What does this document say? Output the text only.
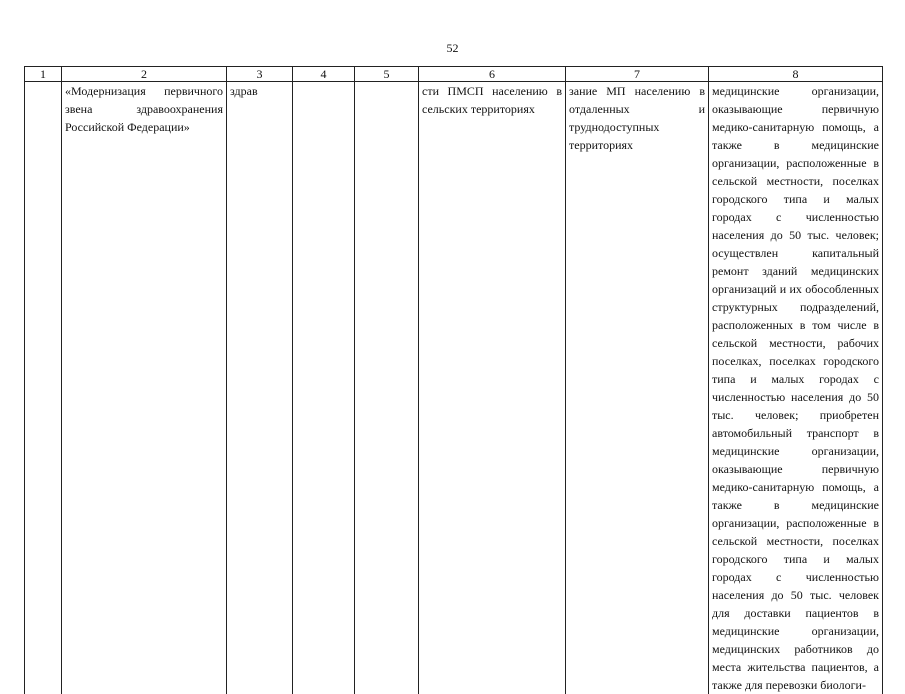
52
1	2	3	4	5	6	7	8
	«Модернизация первичного звена здравоохранения Российской Федерации»	здрав			сти ПМСП населению в сельских территориях	зание МП населению в отдаленных и труднодоступных территориях	медицинские организации, оказывающие первичную медико-санитарную помощь, а также в медицинские организации, расположенные в сельской местности, поселках городского типа и малых городах с численностью населения до 50 тыс. человек; осуществлен капитальный ремонт зданий медицинских организаций и их обособленных структурных подразделений, расположенных в том числе в сельской местности, рабочих поселках, поселках городского типа и малых городах с численностью населения до 50 тыс. человек; приобретен автомобильный транспорт в медицинские организации, оказывающие первичную медико-санитарную помощь, а также в медицинские организации, расположенные в сельской местности, поселках городского типа и малых городах с численностью населения до 50 тыс. человек для доставки пациентов в медицинские организации, медицинских работников до места жительства пациентов, а также для перевозки биологи-
